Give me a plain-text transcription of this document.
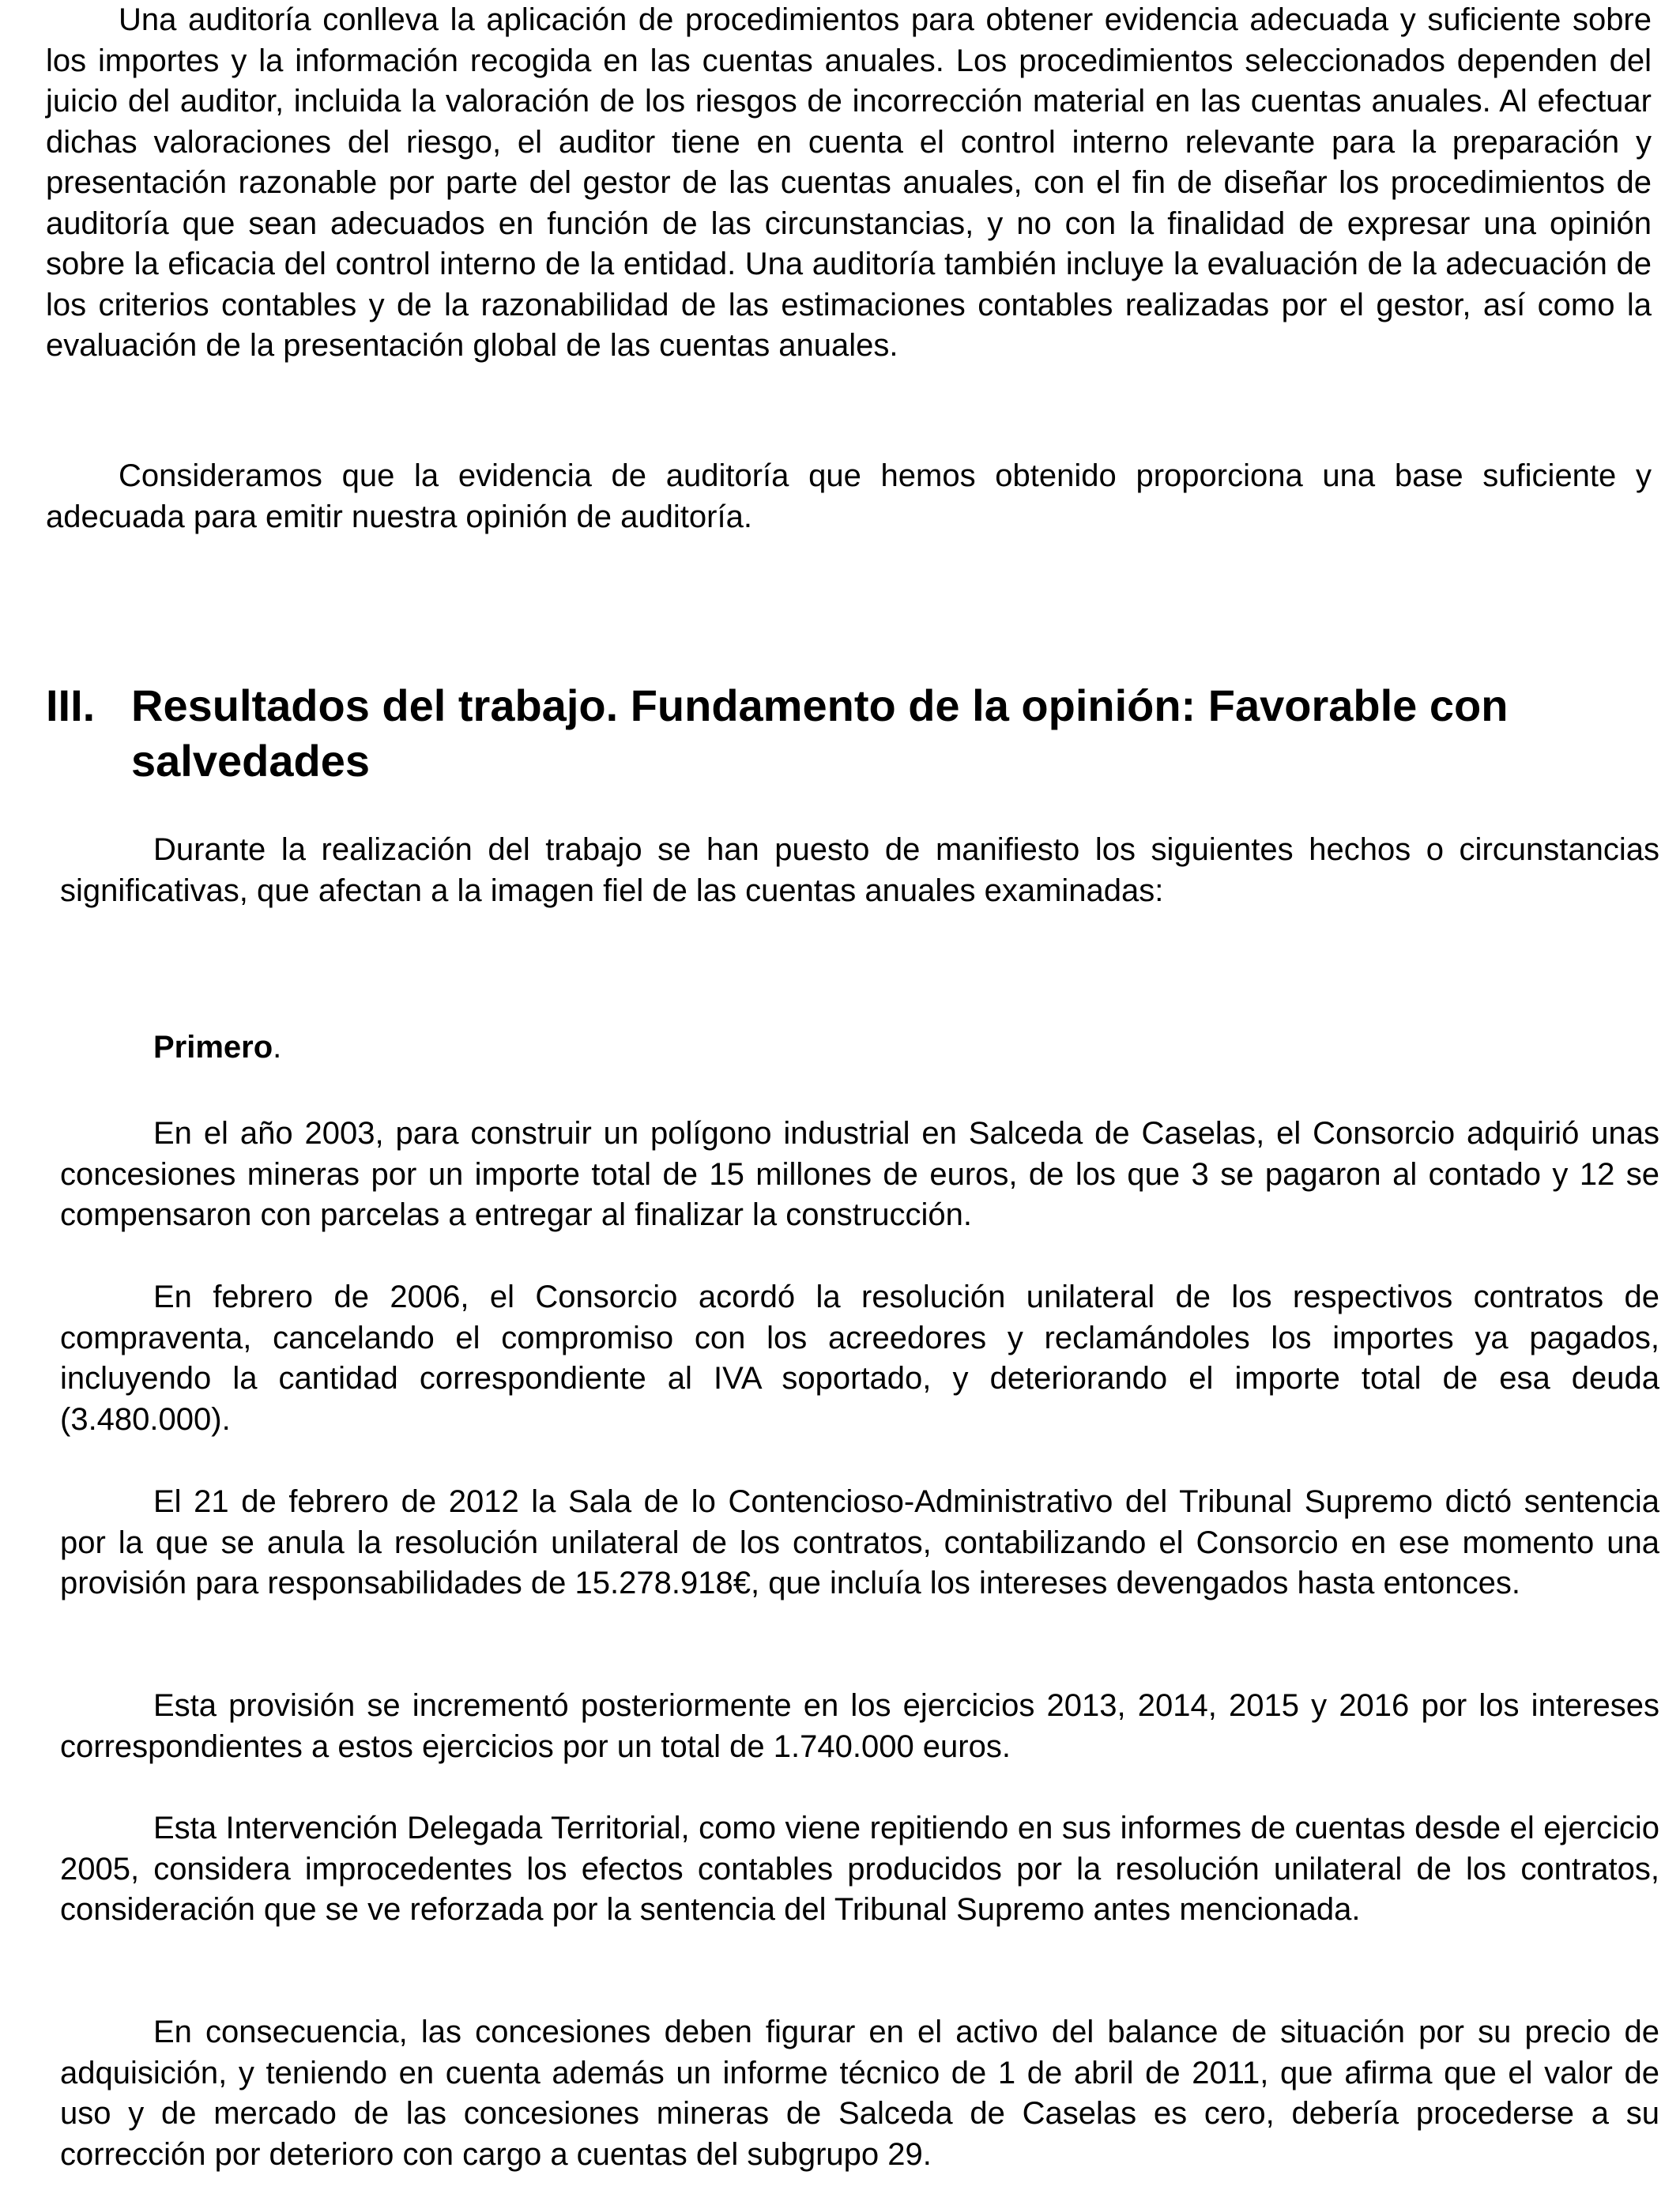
Una auditoría conlleva la aplicación de procedimientos para obtener evidencia adecuada y suficiente sobre los importes y la información recogida en las cuentas anuales. Los procedimientos seleccionados dependen del juicio del auditor, incluida la valoración de los riesgos de incorrección material en las cuentas anuales. Al efectuar dichas valoraciones del riesgo, el auditor tiene en cuenta el control interno relevante para la preparación y presentación razonable por parte del gestor de las cuentas anuales, con el fin de diseñar los procedimientos de auditoría que sean adecuados en función de las circunstancias, y no con la finalidad de expresar una opinión sobre la eficacia del control interno de la entidad. Una auditoría también incluye la evaluación de la adecuación de los criterios contables y de la razonabilidad de las estimaciones contables realizadas por el gestor, así como la evaluación de la presentación global de las cuentas anuales.

Consideramos que la evidencia de auditoría que hemos obtenido proporciona una base suficiente y adecuada para emitir nuestra opinión de auditoría.

III. Resultados del trabajo. Fundamento de la opinión: Favorable con salvedades

Durante la realización del trabajo se han puesto de manifiesto los siguientes hechos o circunstancias significativas, que afectan a la imagen fiel de las cuentas anuales examinadas:

Primero.

En el año 2003, para construir un polígono industrial en Salceda de Caselas, el Consorcio adquirió unas concesiones mineras por un importe total de 15 millones de euros, de los que 3 se pagaron al contado y 12 se compensaron con parcelas a entregar al finalizar la construcción.

En febrero de 2006, el Consorcio acordó la resolución unilateral de los respectivos contratos de compraventa, cancelando el compromiso con los acreedores y reclamándoles los importes ya pagados, incluyendo la cantidad correspondiente al IVA soportado, y deteriorando el importe total de esa deuda (3.480.000).

El 21 de febrero de 2012 la Sala de lo Contencioso-Administrativo del Tribunal Supremo dictó sentencia por la que se anula la resolución unilateral de los contratos, contabilizando el Consorcio en ese momento una provisión para responsabilidades de 15.278.918€, que incluía los intereses devengados hasta entonces.

Esta provisión se incrementó posteriormente en los ejercicios 2013, 2014, 2015 y 2016 por los intereses correspondientes a estos ejercicios por un total de 1.740.000 euros.

Esta Intervención Delegada Territorial, como viene repitiendo en sus informes de cuentas desde el ejercicio 2005, considera improcedentes los efectos contables producidos por la resolución unilateral de los contratos, consideración que se ve reforzada por la sentencia del Tribunal Supremo antes mencionada.

En consecuencia, las concesiones deben figurar en el activo del balance de situación por su precio de adquisición, y teniendo en cuenta además un informe técnico de 1 de abril de 2011, que afirma que el valor de uso y de mercado de las concesiones mineras de Salceda de Caselas es cero, debería procederse a su corrección por deterioro con cargo a cuentas del subgrupo 29.
